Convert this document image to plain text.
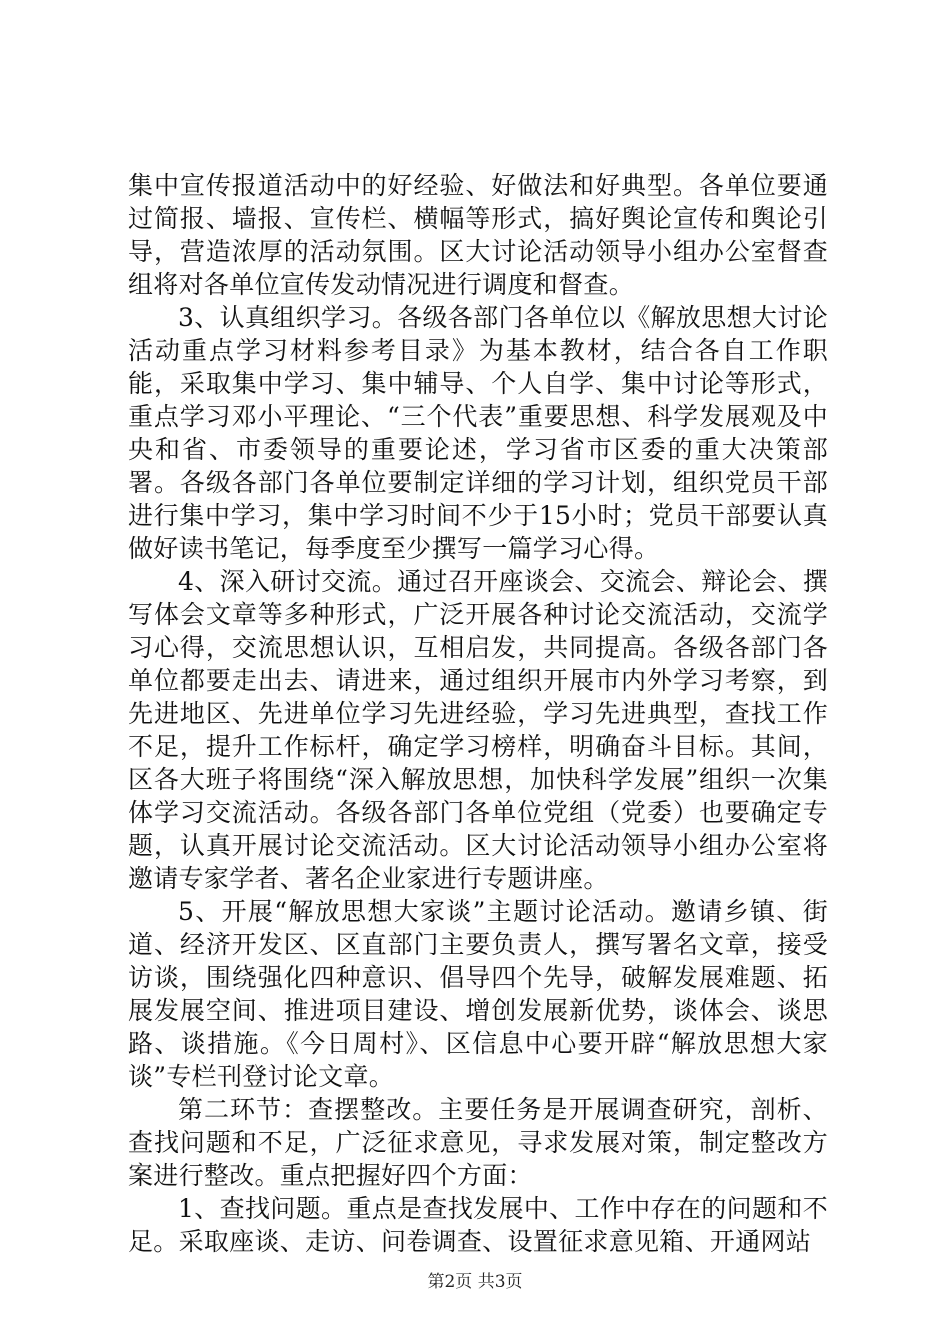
集中宣传报道活动中的好经验、好做法和好典型。各单位要通过简报、墙报、宣传栏、横幅等形式，搞好舆论宣传和舆论引导，营造浓厚的活动氛围。区大讨论活动领导小组办公室督查组将对各单位宣传发动情况进行调度和督查。

3、认真组织学习。各级各部门各单位以《解放思想大讨论活动重点学习材料参考目录》为基本教材，结合各自工作职能，采取集中学习、集中辅导、个人自学、集中讨论等形式，重点学习邓小平理论、“三个代表”重要思想、科学发展观及中央和省、市委领导的重要论述，学习省市区委的重大决策部署。各级各部门各单位要制定详细的学习计划，组织党员干部进行集中学习，集中学习时间不少于15小时；党员干部要认真做好读书笔记，每季度至少撰写一篇学习心得。

4、深入研讨交流。通过召开座谈会、交流会、辩论会、撰写体会文章等多种形式，广泛开展各种讨论交流活动，交流学习心得，交流思想认识，互相启发，共同提高。各级各部门各单位都要走出去、请进来，通过组织开展市内外学习考察，到先进地区、先进单位学习先进经验，学习先进典型，查找工作不足，提升工作标杆，确定学习榜样，明确奋斗目标。其间，区各大班子将围绕“深入解放思想，加快科学发展”组织一次集体学习交流活动。各级各部门各单位党组（党委）也要确定专题，认真开展讨论交流活动。区大讨论活动领导小组办公室将邀请专家学者、著名企业家进行专题讲座。

5、开展“解放思想大家谈”主题讨论活动。邀请乡镇、街道、经济开发区、区直部门主要负责人，撰写署名文章，接受访谈，围绕强化四种意识、倡导四个先导，破解发展难题、拓展发展空间、推进项目建设、增创发展新优势，谈体会、谈思路、谈措施。《今日周村》、区信息中心要开辟“解放思想大家谈”专栏刊登讨论文章。

第二环节：查摆整改。主要任务是开展调查研究，剖析、查找问题和不足，广泛征求意见，寻求发展对策，制定整改方案进行整改。重点把握好四个方面：

1、查找问题。重点是查找发展中、工作中存在的问题和不足。采取座谈、走访、问卷调查、设置征求意见箱、开通网站

第2页 共3页
